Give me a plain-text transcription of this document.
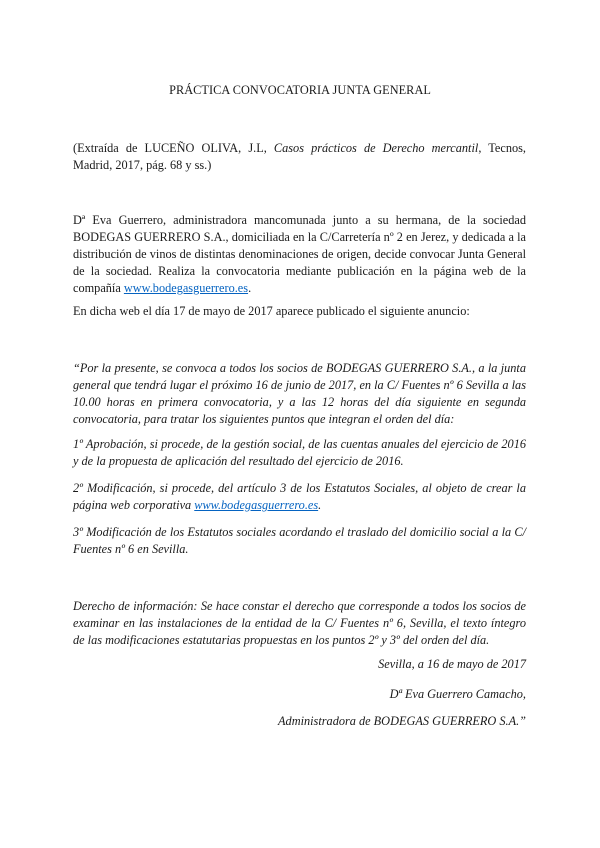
PRÁCTICA CONVOCATORIA JUNTA GENERAL

(Extraída de LUCEÑO OLIVA, J.L, Casos prácticos de Derecho mercantil, Tecnos, Madrid, 2017, pág. 68 y ss.)

Dª Eva Guerrero, administradora mancomunada junto a su hermana, de la sociedad BODEGAS GUERRERO S.A., domiciliada en la C/Carretería nº 2 en Jerez, y dedicada a la distribución de vinos de distintas denominaciones de origen, decide convocar Junta General de la sociedad. Realiza la convocatoria mediante publicación en la página web de la compañía www.bodegasguerrero.es.

En dicha web el día 17 de mayo de 2017 aparece publicado el siguiente anuncio:

“Por la presente, se convoca a todos los socios de BODEGAS GUERRERO S.A., a la junta general que tendrá lugar el próximo 16 de junio de 2017, en la C/ Fuentes nº 6 Sevilla a las 10.00 horas en primera convocatoria, y a las 12 horas del día siguiente en segunda convocatoria, para tratar los siguientes puntos que integran el orden del día:

1º Aprobación, si procede, de la gestión social, de las cuentas anuales del ejercicio de 2016 y de la propuesta de aplicación del resultado del ejercicio de 2016.

2º Modificación, si procede, del artículo 3 de los Estatutos Sociales, al objeto de crear la página web corporativa www.bodegasguerrero.es.

3º Modificación de los Estatutos sociales acordando el traslado del domicilio social a la C/ Fuentes nº 6 en Sevilla.

Derecho de información: Se hace constar el derecho que corresponde a todos los socios de examinar en las instalaciones de la entidad de la C/ Fuentes nº 6, Sevilla, el texto íntegro de las modificaciones estatutarias propuestas en los puntos 2º y 3º del orden del día.

Sevilla, a 16 de mayo de 2017
Dª Eva Guerrero Camacho,
Administradora de BODEGAS GUERRERO S.A.”
